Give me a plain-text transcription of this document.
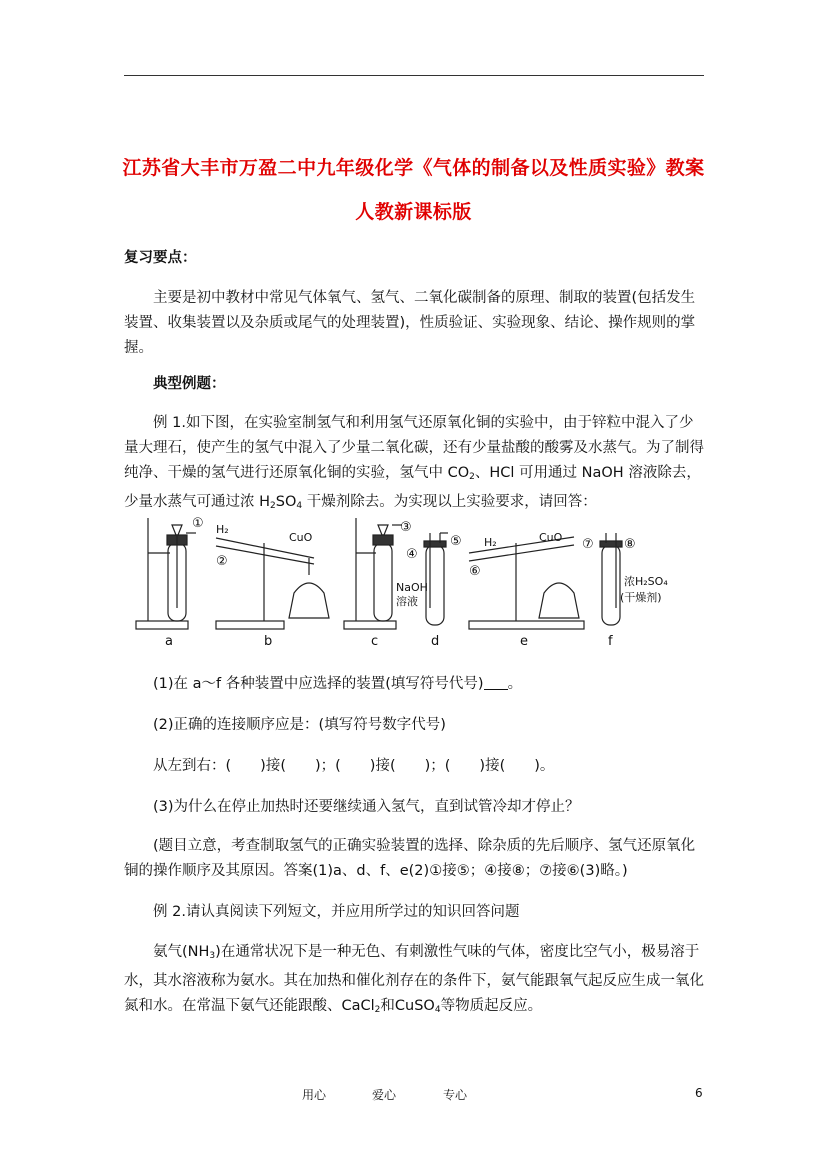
江苏省大丰市万盈二中九年级化学《气体的制备以及性质实验》教案
人教新课标版
复习要点：
主要是初中教材中常见气体氧气、氢气、二氧化碳制备的原理、制取的装置(包括发生装置、收集装置以及杂质或尾气的处理装置)，性质验证、实验现象、结论、操作规则的掌握。
典型例题：
例 1.如下图，在实验室制氢气和利用氢气还原氧化铜的实验中，由于锌粒中混入了少量大理石，使产生的氢气中混入了少量二氧化碳，还有少量盐酸的酸雾及水蒸气。为了制得纯净、干燥的氢气进行还原氧化铜的实验，氢气中 $CO_2$、HCl 可用通过 NaOH 溶液除去，少量水蒸气可通过浓 $H_2SO_4$ 干燥剂除去。为实现以上实验要求，请回答：
①
②
③
④
⑤
⑥
⑦ ⑧
H₂
CuO	H₂	CuO
NaOH
溶液
浓H₂SO₄
(干燥剂)
a	b	c	d	e	f
(1)在 a～f 各种装置中应选择的装置(填写符号代号) 。
(2)正确的连接顺序应是：(填写符号数字代号)
从左到右：(　　)接(　　)；(　　)接(　　)；(　　)接(　　)。
(3)为什么在停止加热时还要继续通入氢气，直到试管冷却才停止？
(题目立意，考查制取氢气的正确实验装置的选择、除杂质的先后顺序、氢气还原氧化铜的操作顺序及其原因。答案(1)a、d、f、e(2)①接⑤；④接⑧；⑦接⑥(3)略。)
例 2.请认真阅读下列短文，并应用所学过的知识回答问题
氨气$(NH_3)$在通常状况下是一种无色、有刺激性气味的气体，密度比空气小，极易溶于水，其水溶液称为氨水。其在加热和催化剂存在的条件下，氨气能跟氧气起反应生成一氧化氮和水。在常温下氨气还能跟酸、CaCl$_2$和CuSO$_4$等物质起反应。
用心	爱心	专心	6
